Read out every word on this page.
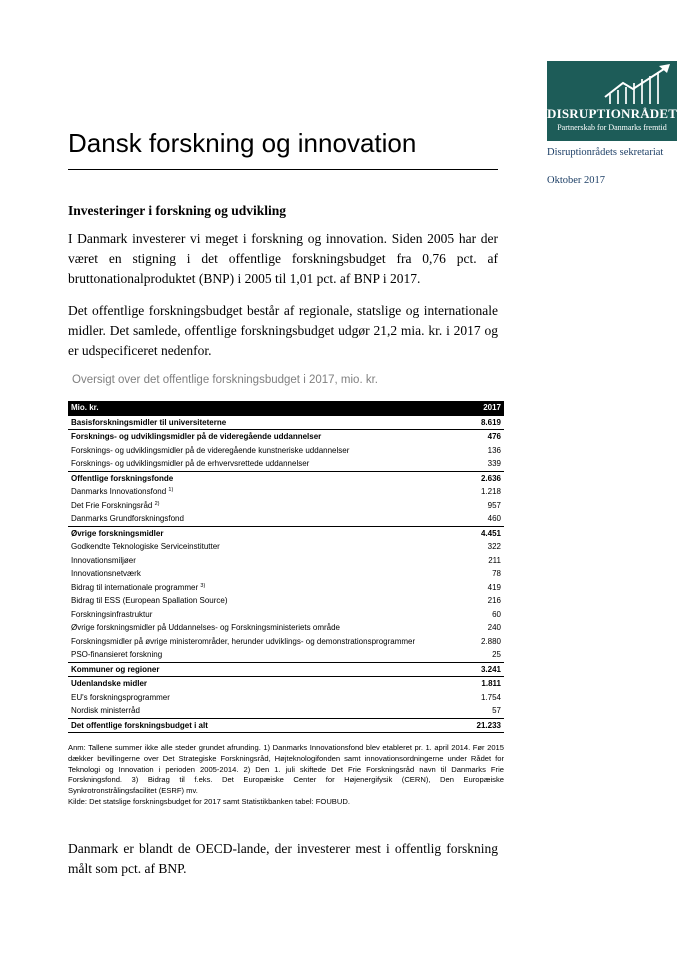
DISRUPTIONRÅDET
Partnerskab for Danmarks fremtid
Disruptionrådets sekretariat
Oktober 2017
Dansk forskning og innovation
Investeringer i forskning og udvikling

I Danmark investerer vi meget i forskning og innovation. Siden 2005 har der været en stigning i det offentlige forskningsbudget fra 0,76 pct. af bruttonationalproduktet (BNP) i 2005 til 1,01 pct. af BNP i 2017.

Det offentlige forskningsbudget består af regionale, statslige og internationale midler. Det samlede, offentlige forskningsbudget udgør 21,2 mia. kr. i 2017 og er udspecificeret nedenfor.

Oversigt over det offentlige forskningsbudget i 2017, mio. kr.

Mio. kr.	2017
Basisforskningsmidler til universiteterne	8.619
Forsknings- og udviklingsmidler på de videregående uddannelser	476
Forsknings- og udviklingsmidler på de videregående kunstneriske uddannelser	136
Forsknings- og udviklingsmidler på de erhvervsrettede uddannelser	339
Offentlige forskningsfonde	2.636
Danmarks Innovationsfond $^{1)}$	1.218
Det Frie Forskningsråd $^{2)}$	957
Danmarks Grundforskningsfond	460
Øvrige forskningsmidler	4.451
Godkendte Teknologiske Serviceinstitutter	322
Innovationsmiljøer	211
Innovationsnetværk	78
Bidrag til internationale programmer $^{3)}$	419
Bidrag til ESS (European Spallation Source)	216
Forskningsinfrastruktur	60
Øvrige forskningsmidler på Uddannelses- og Forskningsministeriets område	240
Forskningsmidler på øvrige ministerområder, herunder udviklings- og demonstrationsprogrammer	2.880
PSO-finansieret forskning	25
Kommuner og regioner	3.241
Udenlandske midler	1.811
EU's forskningsprogrammer	1.754
Nordisk ministerråd	57
Det offentlige forskningsbudget i alt	21.233

Anm: Tallene summer ikke alle steder grundet afrunding. 1) Danmarks Innovationsfond blev etableret pr. 1. april 2014. Før 2015 dækker bevillingerne over Det Strategiske Forskningsråd, Højteknologifonden samt innovationsordningerne under Rådet for Teknologi og Innovation i perioden 2005-2014. 2) Den 1. juli skiftede Det Frie Forskningsråd navn til Danmarks Frie Forskningsfond. 3) Bidrag til f.eks. Det Europæiske Center for Højenergifysik (CERN), Den Europæiske Synkrotronstrålingsfacilitet (ESRF) mv.
Kilde: Det statslige forskningsbudget for 2017 samt Statistikbanken tabel: FOUBUD.

Danmark er blandt de OECD-lande, der investerer mest i offentlig forskning målt som pct. af BNP.
